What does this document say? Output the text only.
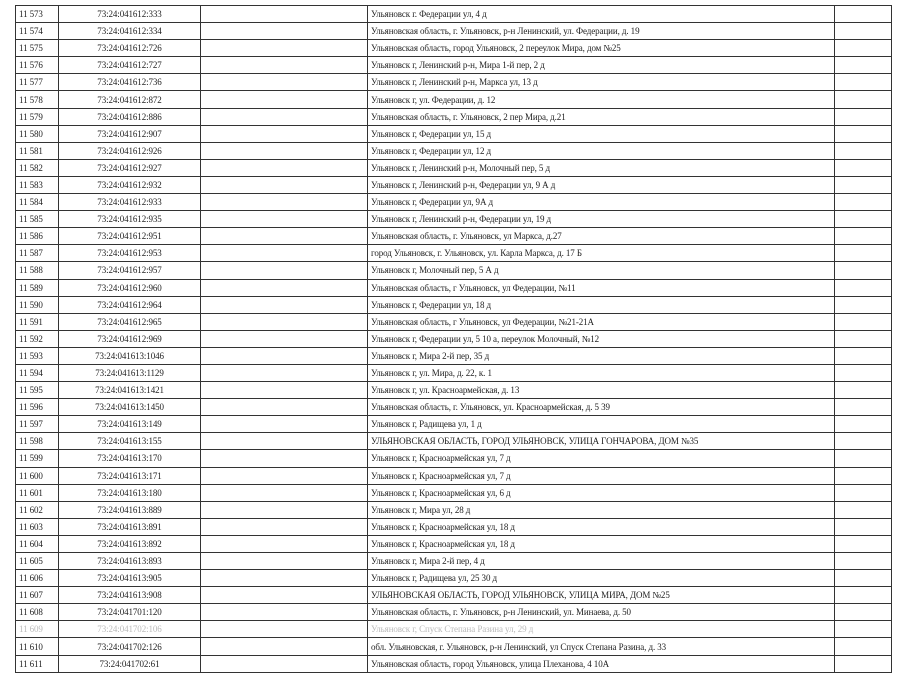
11 573	73:24:041612:333		Ульяновск г. Федерации ул, 4 д	
11 574	73:24:041612:334		Ульяновская область, г. Ульяновск, р-н Ленинский, ул. Федерации, д. 19	
11 575	73:24:041612:726		Ульяновская область, город Ульяновск, 2 переулок Мира, дом №25	
11 576	73:24:041612:727		Ульяновск г, Ленинский р-н, Мира 1-й пер, 2 д	
11 577	73:24:041612:736		Ульяновск г, Ленинский р-н, Маркса ул, 13 д	
11 578	73:24:041612:872		Ульяновск г, ул. Федерации, д. 12	
11 579	73:24:041612:886		Ульяновская область, г. Ульяновск, 2 пер Мира, д.21	
11 580	73:24:041612:907		Ульяновск г, Федерации ул, 15 д	
11 581	73:24:041612:926		Ульяновск г, Федерации ул, 12 д	
11 582	73:24:041612:927		Ульяновск г, Ленинский р-н, Молочный пер, 5 д	
11 583	73:24:041612:932		Ульяновск г, Ленинский р-н, Федерации ул, 9 А д	
11 584	73:24:041612:933		Ульяновск г, Федерации ул, 9А д	
11 585	73:24:041612:935		Ульяновск г, Ленинский р-н, Федерации ул, 19 д	
11 586	73:24:041612:951		Ульяновская область, г. Ульяновск, ул Маркса, д.27	
11 587	73:24:041612:953		город Ульяновск, г. Ульяновск, ул. Карла Маркса, д. 17 Б	
11 588	73:24:041612:957		Ульяновск г, Молочный пер, 5 А д	
11 589	73:24:041612:960		Ульяновская область, г Ульяновск, ул Федерации, №11	
11 590	73:24:041612:964		Ульяновск г, Федерации ул, 18 д	
11 591	73:24:041612:965		Ульяновская область, г Ульяновск, ул Федерации, №21-21А	
11 592	73:24:041612:969		Ульяновск г, Федерации ул, 5 10 а, переулок Молочный, №12	
11 593	73:24:041613:1046		Ульяновск г, Мира 2-й пер, 35 д	
11 594	73:24:041613:1129		Ульяновск г, ул. Мира, д. 22, к. 1	
11 595	73:24:041613:1421		Ульяновск г, ул. Красноармейская, д. 13	
11 596	73:24:041613:1450		Ульяновская область, г. Ульяновск, ул. Красноармейская, д. 5 39	
11 597	73:24:041613:149		Ульяновск г, Радищева ул, 1 д	
11 598	73:24:041613:155		УЛЬЯНОВСКАЯ ОБЛАСТЬ, ГОРОД УЛЬЯНОВСК, УЛИЦА ГОНЧАРОВА, ДОМ №35	
11 599	73:24:041613:170		Ульяновск г, Красноармейская ул, 7 д	
11 600	73:24:041613:171		Ульяновск г, Красноармейская ул, 7 д	
11 601	73:24:041613:180		Ульяновск г, Красноармейская ул, 6 д	
11 602	73:24:041613:889		Ульяновск г, Мира ул, 28 д	
11 603	73:24:041613:891		Ульяновск г, Красноармейская ул, 18 д	
11 604	73:24:041613:892		Ульяновск г, Красноармейская ул, 18 д	
11 605	73:24:041613:893		Ульяновск г, Мира 2-й пер, 4 д	
11 606	73:24:041613:905		Ульяновск г, Радищева ул, 25 30 д	
11 607	73:24:041613:908		УЛЬЯНОВСКАЯ ОБЛАСТЬ, ГОРОД УЛЬЯНОВСК, УЛИЦА МИРА, ДОМ №25	
11 608	73:24:041701:120		Ульяновская область, г. Ульяновск, р-н Ленинский, ул. Минаева, д. 50	
11 609	73:24:041702:106		Ульяновск г, Спуск Степана Разина ул, 29 д	
11 610	73:24:041702:126		обл. Ульяновская, г. Ульяновск, р-н Ленинский, ул Спуск Степана Разина, д. 33	
11 611	73:24:041702:61		Ульяновская область, город Ульяновск, улица Плеханова, 4 10А	
